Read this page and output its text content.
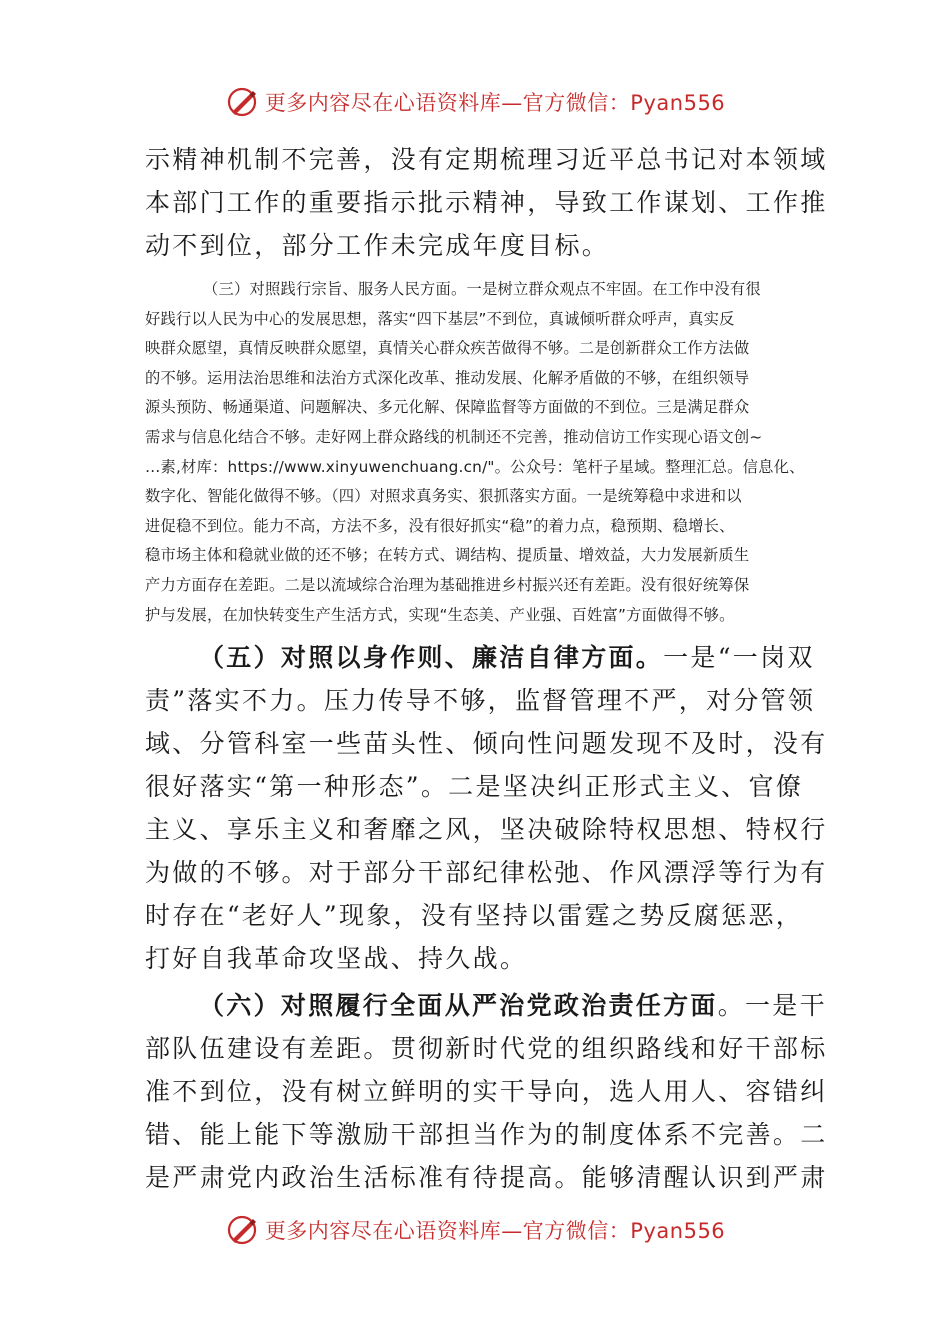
更多内容尽在心语资料库—官方微信：Pyan556

示精神机制不完善，没有定期梳理习近平总书记对本领域
本部门工作的重要指示批示精神，导致工作谋划、工作推
动不到位，部分工作未完成年度目标。

（三）对照践行宗旨、服务人民方面。一是树立群众观点不牢固。在工作中没有很
好践行以人民为中心的发展思想，落实“四下基层”不到位，真诚倾听群众呼声，真实反
映群众愿望，真情反映群众愿望，真情关心群众疾苦做得不够。二是创新群众工作方法做
的不够。运用法治思维和法治方式深化改革、推动发展、化解矛盾做的不够，在组织领导
源头预防、畅通渠道、问题解决、多元化解、保障监督等方面做的不到位。三是满足群众
需求与信息化结合不够。走好网上群众路线的机制还不完善，推动信访工作实现心语文创~
…素,材库：https://www.xinyuwenchuang.cn/"。公众号：笔杆子星域。整理汇总。信息化、
数字化、智能化做得不够。（四）对照求真务实、狠抓落实方面。一是统筹稳中求进和以
进促稳不到位。能力不高，方法不多，没有很好抓实“稳”的着力点，稳预期、稳增长、
稳市场主体和稳就业做的还不够；在转方式、调结构、提质量、增效益，大力发展新质生
产力方面存在差距。二是以流域综合治理为基础推进乡村振兴还有差距。没有很好统筹保
护与发展，在加快转变生产生活方式，实现“生态美、产业强、百姓富”方面做得不够。

（五）对照以身作则、廉洁自律方面。一是“一岗双
责”落实不力。压力传导不够，监督管理不严，对分管领
域、分管科室一些苗头性、倾向性问题发现不及时，没有
很好落实“第一种形态”。二是坚决纠正形式主义、官僚
主义、享乐主义和奢靡之风，坚决破除特权思想、特权行
为做的不够。对于部分干部纪律松弛、作风漂浮等行为有
时存在“老好人”现象，没有坚持以雷霆之势反腐惩恶，
打好自我革命攻坚战、持久战。

（六）对照履行全面从严治党政治责任方面。一是干
部队伍建设有差距。贯彻新时代党的组织路线和好干部标
准不到位，没有树立鲜明的实干导向，选人用人、容错纠
错、能上能下等激励干部担当作为的制度体系不完善。二
是严肃党内政治生活标准有待提高。能够清醒认识到严肃

更多内容尽在心语资料库—官方微信：Pyan556
